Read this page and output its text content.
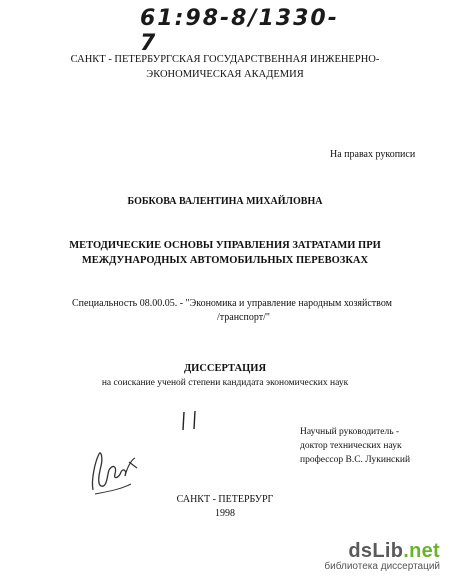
61:98-8/1330-7
САНКТ - ПЕТЕРБУРГСКАЯ ГОСУДАРСТВЕННАЯ ИНЖЕНЕРНО-
ЭКОНОМИЧЕСКАЯ АКАДЕМИЯ
На правах рукописи
БОБКОВА ВАЛЕНТИНА МИХАЙЛОВНА
МЕТОДИЧЕСКИЕ ОСНОВЫ УПРАВЛЕНИЯ ЗАТРАТАМИ ПРИ
МЕЖДУНАРОДНЫХ АВТОМОБИЛЬНЫХ ПЕРЕВОЗКАХ
Специальность 08.00.05. - "Экономика и управление народным хозяйством
/транспорт/"
ДИССЕРТАЦИЯ
на соискание ученой степени кандидата экономических наук
Научный руководитель -
доктор технических наук
профессор В.С. Лукинский
САНКТ - ПЕТЕРБУРГ
1998
dsLib.net
библиотека диссертаций
